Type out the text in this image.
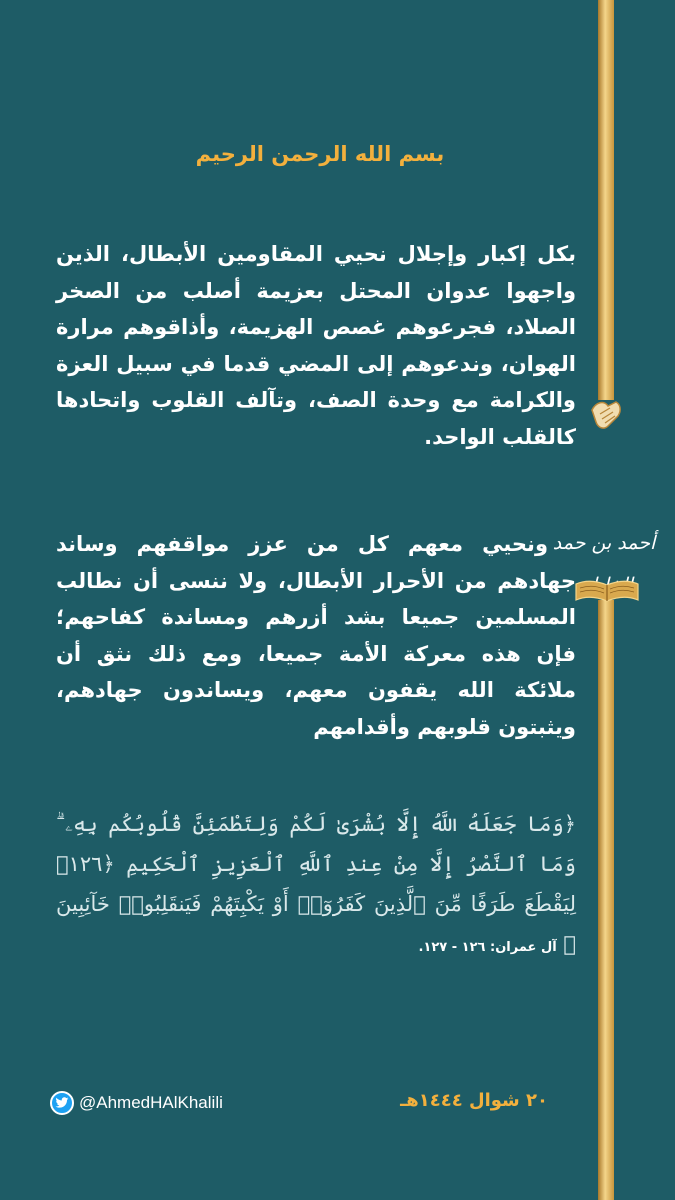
أحمد بن حمد
بسم الله الرحمن الرحيم

بكل إكبار وإجلال نحيي المقاومين الأبطال، الذين واجهوا عدوان المحتل بعزيمة أصلب من الصخر الصلاد، فجرعوهم غصص الهزيمة، وأذاقوهم مرارة الهوان، وندعوهم إلى المضي قدما في سبيل العزة والكرامة مع وحدة الصف، وتآلف القلوب واتحادها كالقلب الواحد.

ونحيي معهم كل من عزز مواقفهم وساند جهادهم من الأحرار الأبطال، ولا ننسى أن نطالب المسلمين جميعا بشد أزرهم ومساندة كفاحهم؛ فإن هذه معركة الأمة جميعا، ومع ذلك نثق أن ملائكة الله يقفون معهم، ويساندون جهادهم، ويثبتون قلوبهم وأقدامهم

﴿وَمَا جَعَلَهُ اللَّهُ إِلَّا بُشْرَىٰ لَكُمْ وَلِتَطْمَئِنَّ قُلُوبُكُم بِهِۦ ۗ وَمَا ٱلنَّصْرُ إِلَّا مِنْ عِندِ ٱللَّهِ ٱلْعَزِيزِ ٱلْحَكِيمِ ﴿١٢٦﴾ لِيَقْطَعَ طَرَفًا مِّنَ ٱلَّذِينَ كَفَرُوٓا۟ أَوْ يَكْبِتَهُمْ فَيَنقَلِبُوا۟ خَآئِبِينَ ﴾ آل عمران: ١٢٦ - ١٢٧.

٢٠ شوال ١٤٤٤هـ
@AhmedHAlKhalili
